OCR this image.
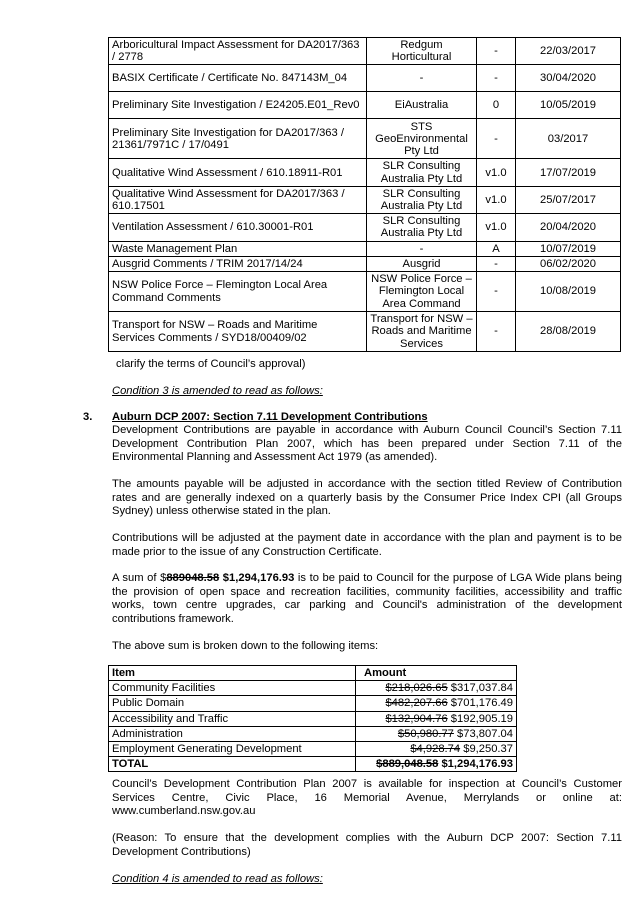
Arboricultural Impact Assessment for DA2017/363 / 2778	Redgum Horticultural	-	22/03/2017
BASIX Certificate / Certificate No. 847143M_04	-	-	30/04/2020
Preliminary Site Investigation / E24205.E01_Rev0	EiAustralia	0	10/05/2019
Preliminary Site Investigation for DA2017/363 / 21361/7971C / 17/0491	STS GeoEnvironmental Pty Ltd	-	03/2017
Qualitative Wind Assessment / 610.18911-R01	SLR Consulting Australia Pty Ltd	v1.0	17/07/2019
Qualitative Wind Assessment for DA2017/363 / 610.17501	SLR Consulting Australia Pty Ltd	v1.0	25/07/2017
Ventilation Assessment / 610.30001-R01	SLR Consulting Australia Pty Ltd	v1.0	20/04/2020
Waste Management Plan	-	A	10/07/2019
Ausgrid Comments / TRIM 2017/14/24	Ausgrid	-	06/02/2020
NSW Police Force – Flemington Local Area Command Comments	NSW Police Force – Flemington Local Area Command	-	10/08/2019
Transport for NSW – Roads and Maritime Services Comments / SYD18/00409/02	Transport for NSW – Roads and Maritime Services	-	28/08/2019
clarify the terms of Council’s approval)
Condition 3 is amended to read as follows:
3. Auburn DCP 2007: Section 7.11 Development Contributions

Development Contributions are payable in accordance with Auburn Council Council’s Section 7.11 Development Contribution Plan 2007, which has been prepared under Section 7.11 of the Environmental Planning and Assessment Act 1979 (as amended).

The amounts payable will be adjusted in accordance with the section titled Review of Contribution rates and are generally indexed on a quarterly basis by the Consumer Price Index CPI (all Groups Sydney) unless otherwise stated in the plan.

Contributions will be adjusted at the payment date in accordance with the plan and payment is to be made prior to the issue of any Construction Certificate.

A sum of $889048.58 $1,294,176.93 is to be paid to Council for the purpose of LGA Wide plans being the provision of open space and recreation facilities, community facilities, accessibility and traffic works, town centre upgrades, car parking and Council's administration of the development contributions framework.

The above sum is broken down to the following items:

Item	Amount
Community Facilities	$218,026.65 $317,037.84
Public Domain	$482,207.66 $701,176.49
Accessibility and Traffic	$132,904.76 $192,905.19
Administration	$50,980.77 $73,807.04
Employment Generating Development	$4,928.74 $9,250.37
TOTAL	$889,048.58 $1,294,176.93

Council’s Development Contribution Plan 2007 is available for inspection at Council’s Customer Services Centre, Civic Place, 16 Memorial Avenue, Merrylands or online at: www.cumberland.nsw.gov.au

(Reason: To ensure that the development complies with the Auburn DCP 2007: Section 7.11 Development Contributions)

Condition 4 is amended to read as follows:
